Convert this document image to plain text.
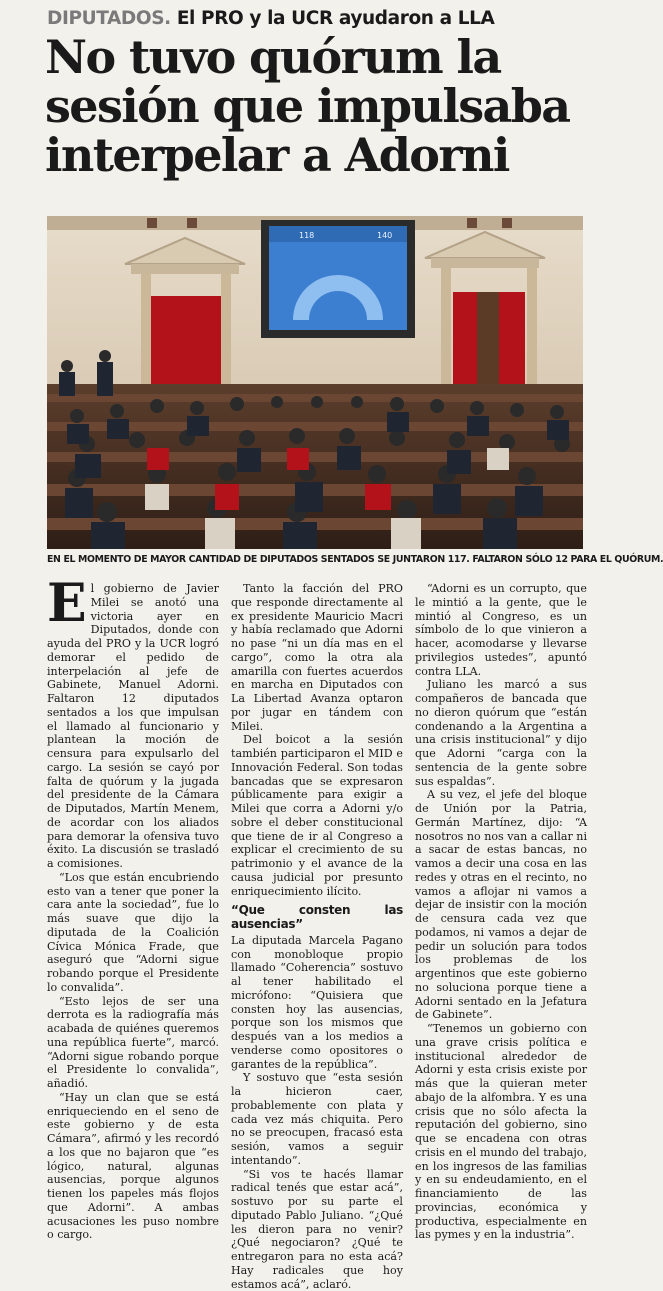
DIPUTADOS. El PRO y la UCR ayudaron a LLA
No tuvo quórum la
sesión que impulsaba
interpelar a Adorni
118	140
EN EL MOMENTO DE MAYOR CANTIDAD DE DIPUTADOS SENTADOS SE JUNTARON 117. FALTARON SÓLO 12 PARA EL QUÓRUM.

El gobierno de Javier Milei se anotó una victoria ayer en Diputados, donde con ayuda del PRO y la UCR logró demorar el pedido de interpelación al jefe de Gabinete, Manuel Adorni. Faltaron 12 diputados sentados a los que impulsan el llamado al funcionario y plantean la moción de censura para expulsarlo del cargo. La sesión se cayó por falta de quórum y la jugada del presidente de la Cámara de Diputados, Martín Menem, de acordar con los aliados para demorar la ofensiva tuvo éxito. La discusión se trasladó a comisiones.

“Los que están encubriendo esto van a tener que poner la cara ante la sociedad”, fue lo más suave que dijo la diputada de la Coalición Cívica Mónica Frade, que aseguró que “Adorni sigue robando porque el Presidente lo convalida”.

“Esto lejos de ser una derrota es la radiografía más acabada de quiénes queremos una república fuerte”, marcó. “Adorni sigue robando porque el Presidente lo convalida”, añadió.

“Hay un clan que se está enriqueciendo en el seno de este gobierno y de esta Cámara”, afirmó y les recordó a los que no bajaron que “es lógico, natural, algunas ausencias, porque algunos tienen los papeles más flojos que Adorni”. A ambas acusaciones les puso nombre o cargo.

Tanto la facción del PRO que responde directamente al ex presidente Mauricio Macri y había reclamado que Adorni no pase “ni un día mas en el cargo”, como la otra ala amarilla con fuertes acuerdos en marcha en Diputados con La Libertad Avanza optaron por jugar en tándem con Milei.

Del boicot a la sesión también participaron el MID e Innovación Federal. Son todas bancadas que se expresaron públicamente para exigir a Milei que corra a Adorni y/o sobre el deber constitucional que tiene de ir al Congreso a explicar el crecimiento de su patrimonio y el avance de la causa judicial por presunto enriquecimiento ilícito.

“Que consten las ausencias”

La diputada Marcela Pagano con monobloque propio llamado “Coherencia” sostuvo al tener habilitado el micrófono: “Quisiera que consten hoy las ausencias, porque son los mismos que después van a los medios a venderse como opositores o garantes de la república”.

Y sostuvo que “esta sesión la hicieron caer, probablemente con plata y cada vez más chiquita. Pero no se preocupen, fracasó esta sesión, vamos a seguir intentando”.

“Si vos te hacés llamar radical tenés que estar acá”, sostuvo por su parte el diputado Pablo Juliano. “¿Qué les dieron para no venir? ¿Qué negociaron? ¿Qué te entregaron para no esta acá? Hay radicales que hoy estamos acá”, aclaró.

“Adorni es un corrupto, que le mintió a la gente, que le mintió al Congreso, es un símbolo de lo que vinieron a hacer, acomodarse y llevarse privilegios ustedes”, apuntó contra LLA.

Juliano les marcó a sus compañeros de bancada que no dieron quórum que “están condenando a la Argentina a una crisis institucional” y dijo que Adorni “carga con la sentencia de la gente sobre sus espaldas”.

A su vez, el jefe del bloque de Unión por la Patria, Germán Martínez, dijo: “A nosotros no nos van a callar ni a sacar de estas bancas, no vamos a decir una cosa en las redes y otras en el recinto, no vamos a aflojar ni vamos a dejar de insistir con la moción de censura cada vez que podamos, ni vamos a dejar de pedir un solución para todos los problemas de los argentinos que este gobierno no soluciona porque tiene a Adorni sentado en la Jefatura de Gabinete”.

“Tenemos un gobierno con una grave crisis política e institucional alrededor de Adorni y esta crisis existe por más que la quieran meter abajo de la alfombra. Y es una crisis que no sólo afecta la reputación del gobierno, sino que se encadena con otras crisis en el mundo del trabajo, en los ingresos de las familias y en su endeudamiento, en el financiamiento de las provincias, económica y productiva, especialmente en las pymes y en la industria”.
